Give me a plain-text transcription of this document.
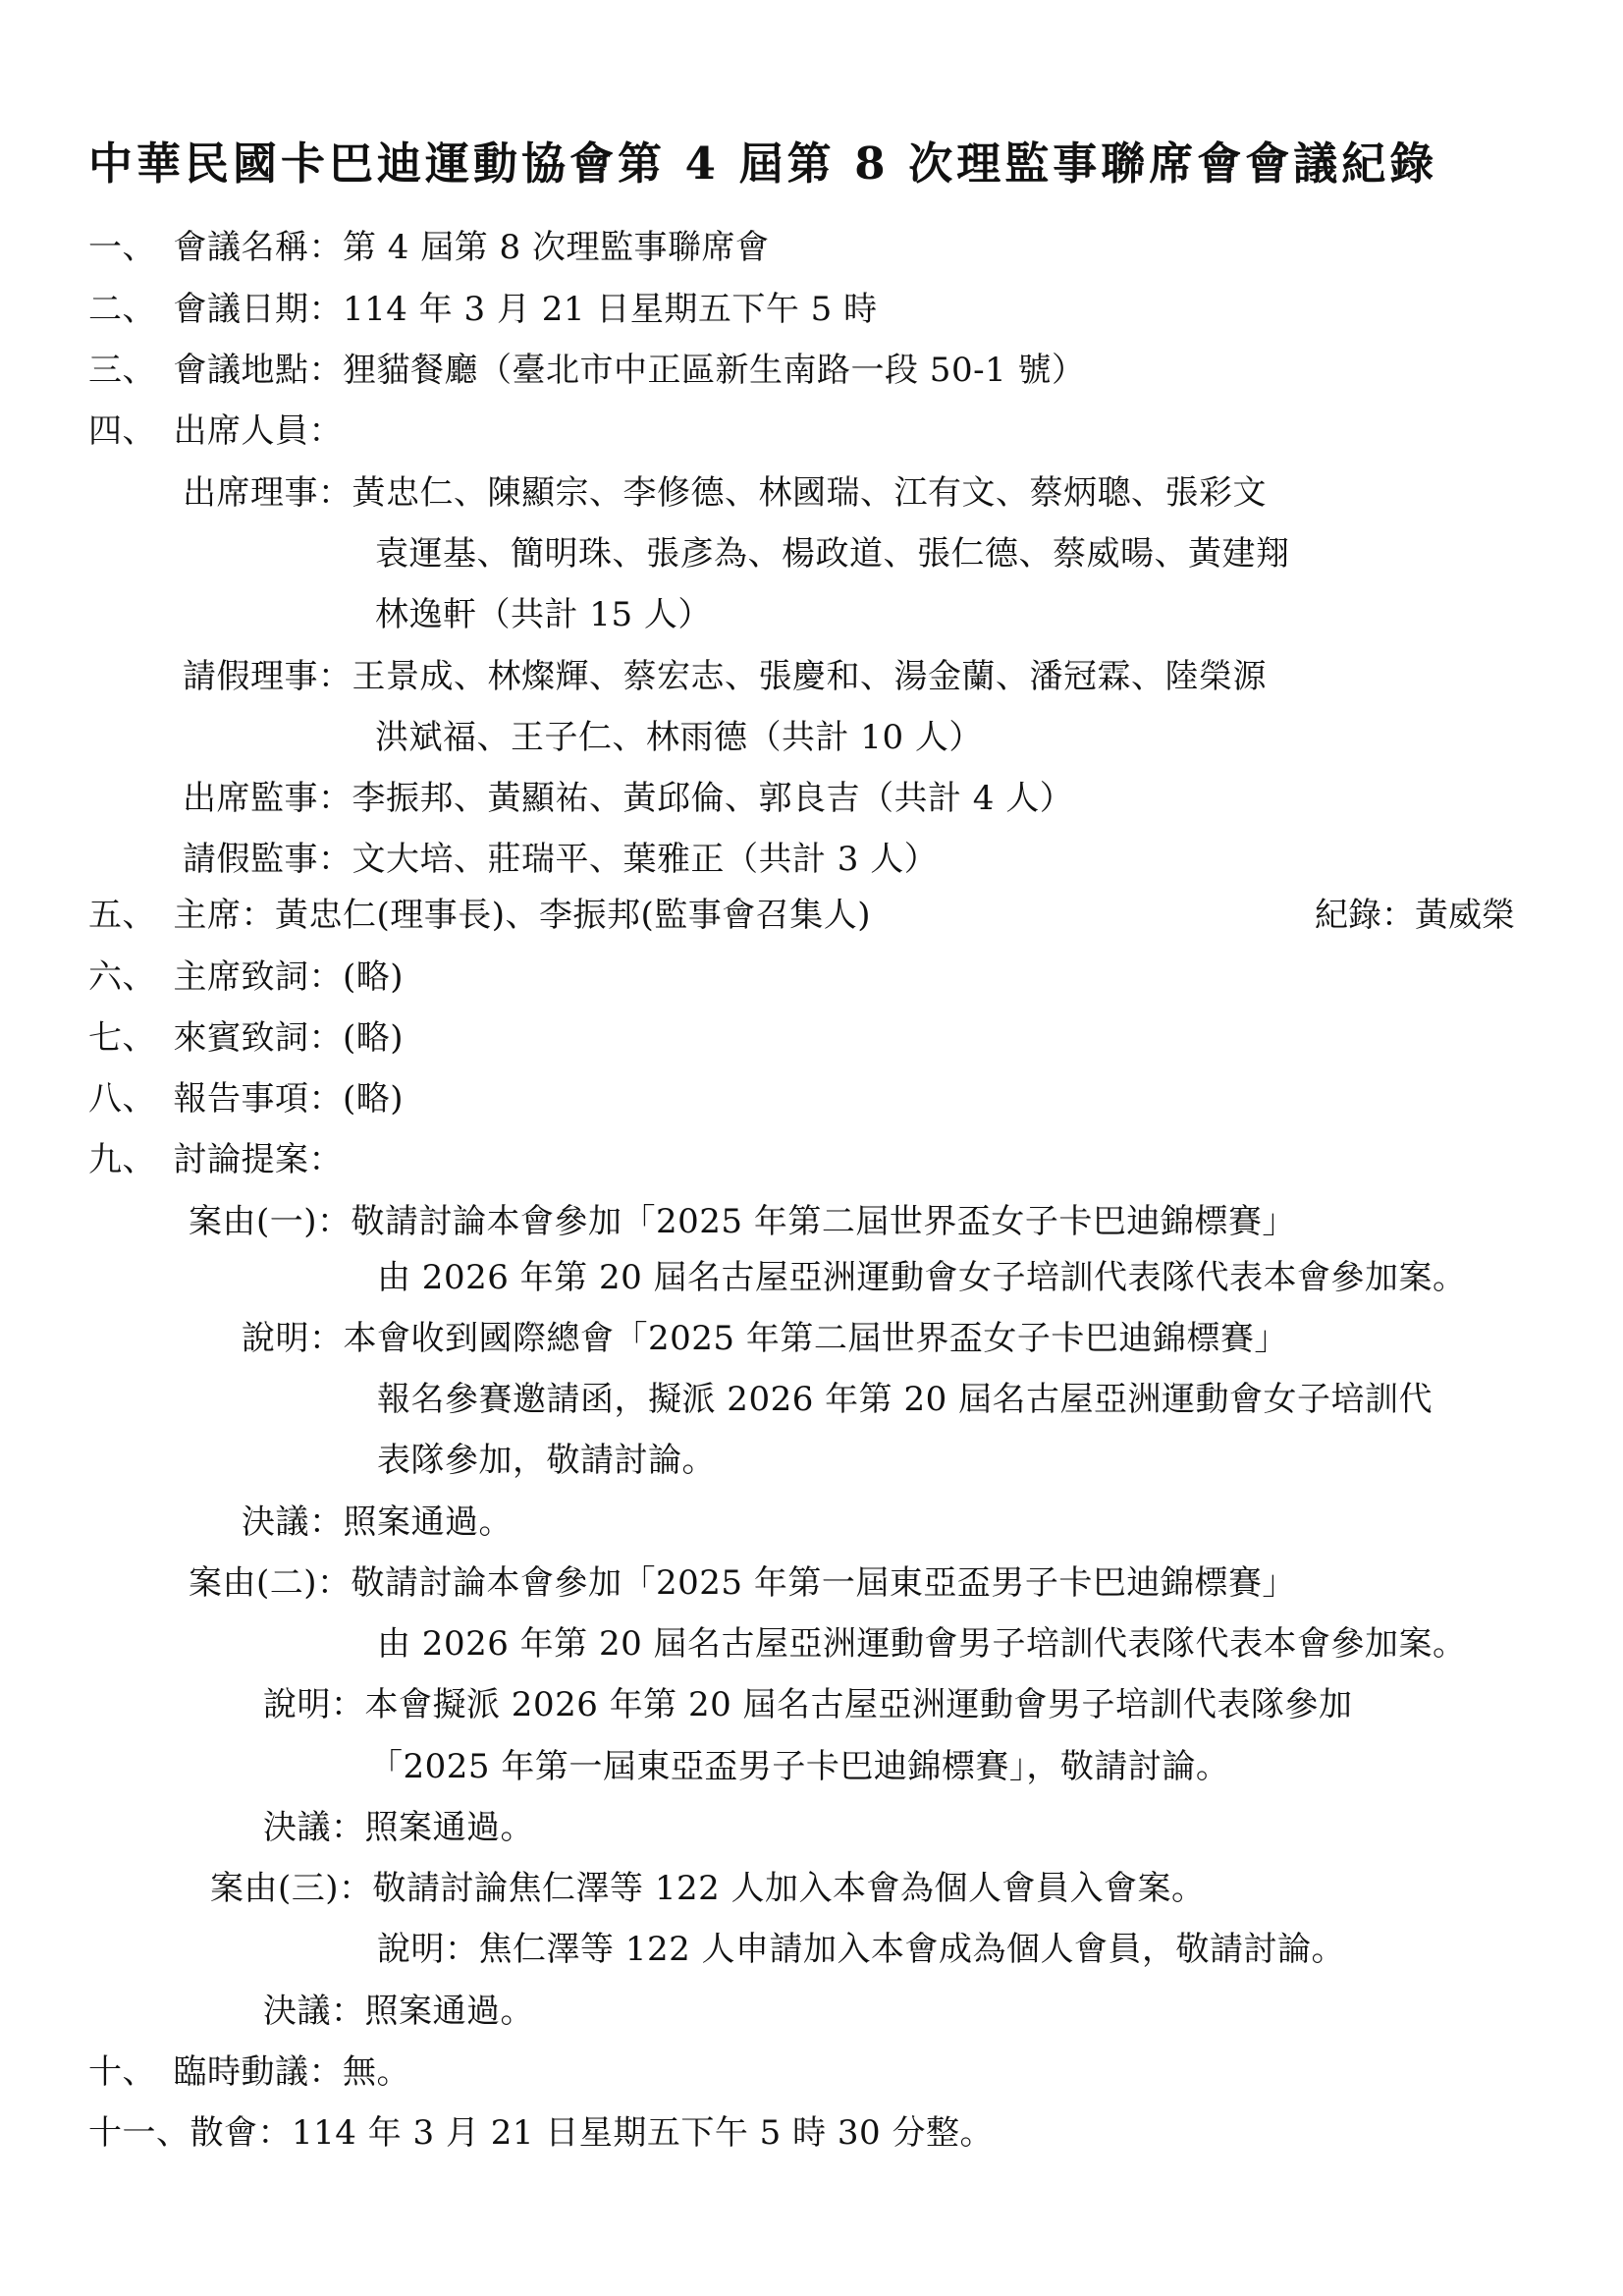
中華民國卡巴迪運動協會第 4 屆第 8 次理監事聯席會會議紀錄
一、　會議名稱：第 4 屆第 8 次理監事聯席會
二、　會議日期：114 年 3 月 21 日星期五下午 5 時
三、　會議地點：狸貓餐廳（臺北市中正區新生南路一段 50-1 號）
四、　出席人員：
出席理事：黃忠仁、陳顯宗、李修德、林國瑞、江有文、蔡炳聰、張彩文
袁運基、簡明珠、張彥為、楊政道、張仁德、蔡威暘、黃建翔
林逸軒（共計 15 人）
請假理事：王景成、林燦輝、蔡宏志、張慶和、湯金蘭、潘冠霖、陸榮源
洪斌福、王子仁、林雨德（共計 10 人）
出席監事：李振邦、黃顯祐、黃邱倫、郭良吉（共計 4 人）
請假監事：文大培、莊瑞平、葉雅正（共計 3 人）
五、　主席：黃忠仁(理事長)、李振邦(監事會召集人)	紀錄：黃威榮
六、　主席致詞：(略)
七、　來賓致詞：(略)
八、　報告事項：(略)
九、　討論提案：
案由(一)：敬請討論本會參加「2025 年第二屆世界盃女子卡巴迪錦標賽」
由 2026 年第 20 屆名古屋亞洲運動會女子培訓代表隊代表本會參加案。
說明：本會收到國際總會「2025 年第二屆世界盃女子卡巴迪錦標賽」
報名參賽邀請函，擬派 2026 年第 20 屆名古屋亞洲運動會女子培訓代
表隊參加，敬請討論。
決議：照案通過。
案由(二)：敬請討論本會參加「2025 年第一屆東亞盃男子卡巴迪錦標賽」
由 2026 年第 20 屆名古屋亞洲運動會男子培訓代表隊代表本會參加案。
說明：本會擬派 2026 年第 20 屆名古屋亞洲運動會男子培訓代表隊參加
「2025 年第一屆東亞盃男子卡巴迪錦標賽」，敬請討論。
決議：照案通過。
案由(三)：敬請討論焦仁澤等 122 人加入本會為個人會員入會案。
說明：焦仁澤等 122 人申請加入本會成為個人會員，敬請討論。
決議：照案通過。
十、　臨時動議：無。
十一、散會：114 年 3 月 21 日星期五下午 5 時 30 分整。
